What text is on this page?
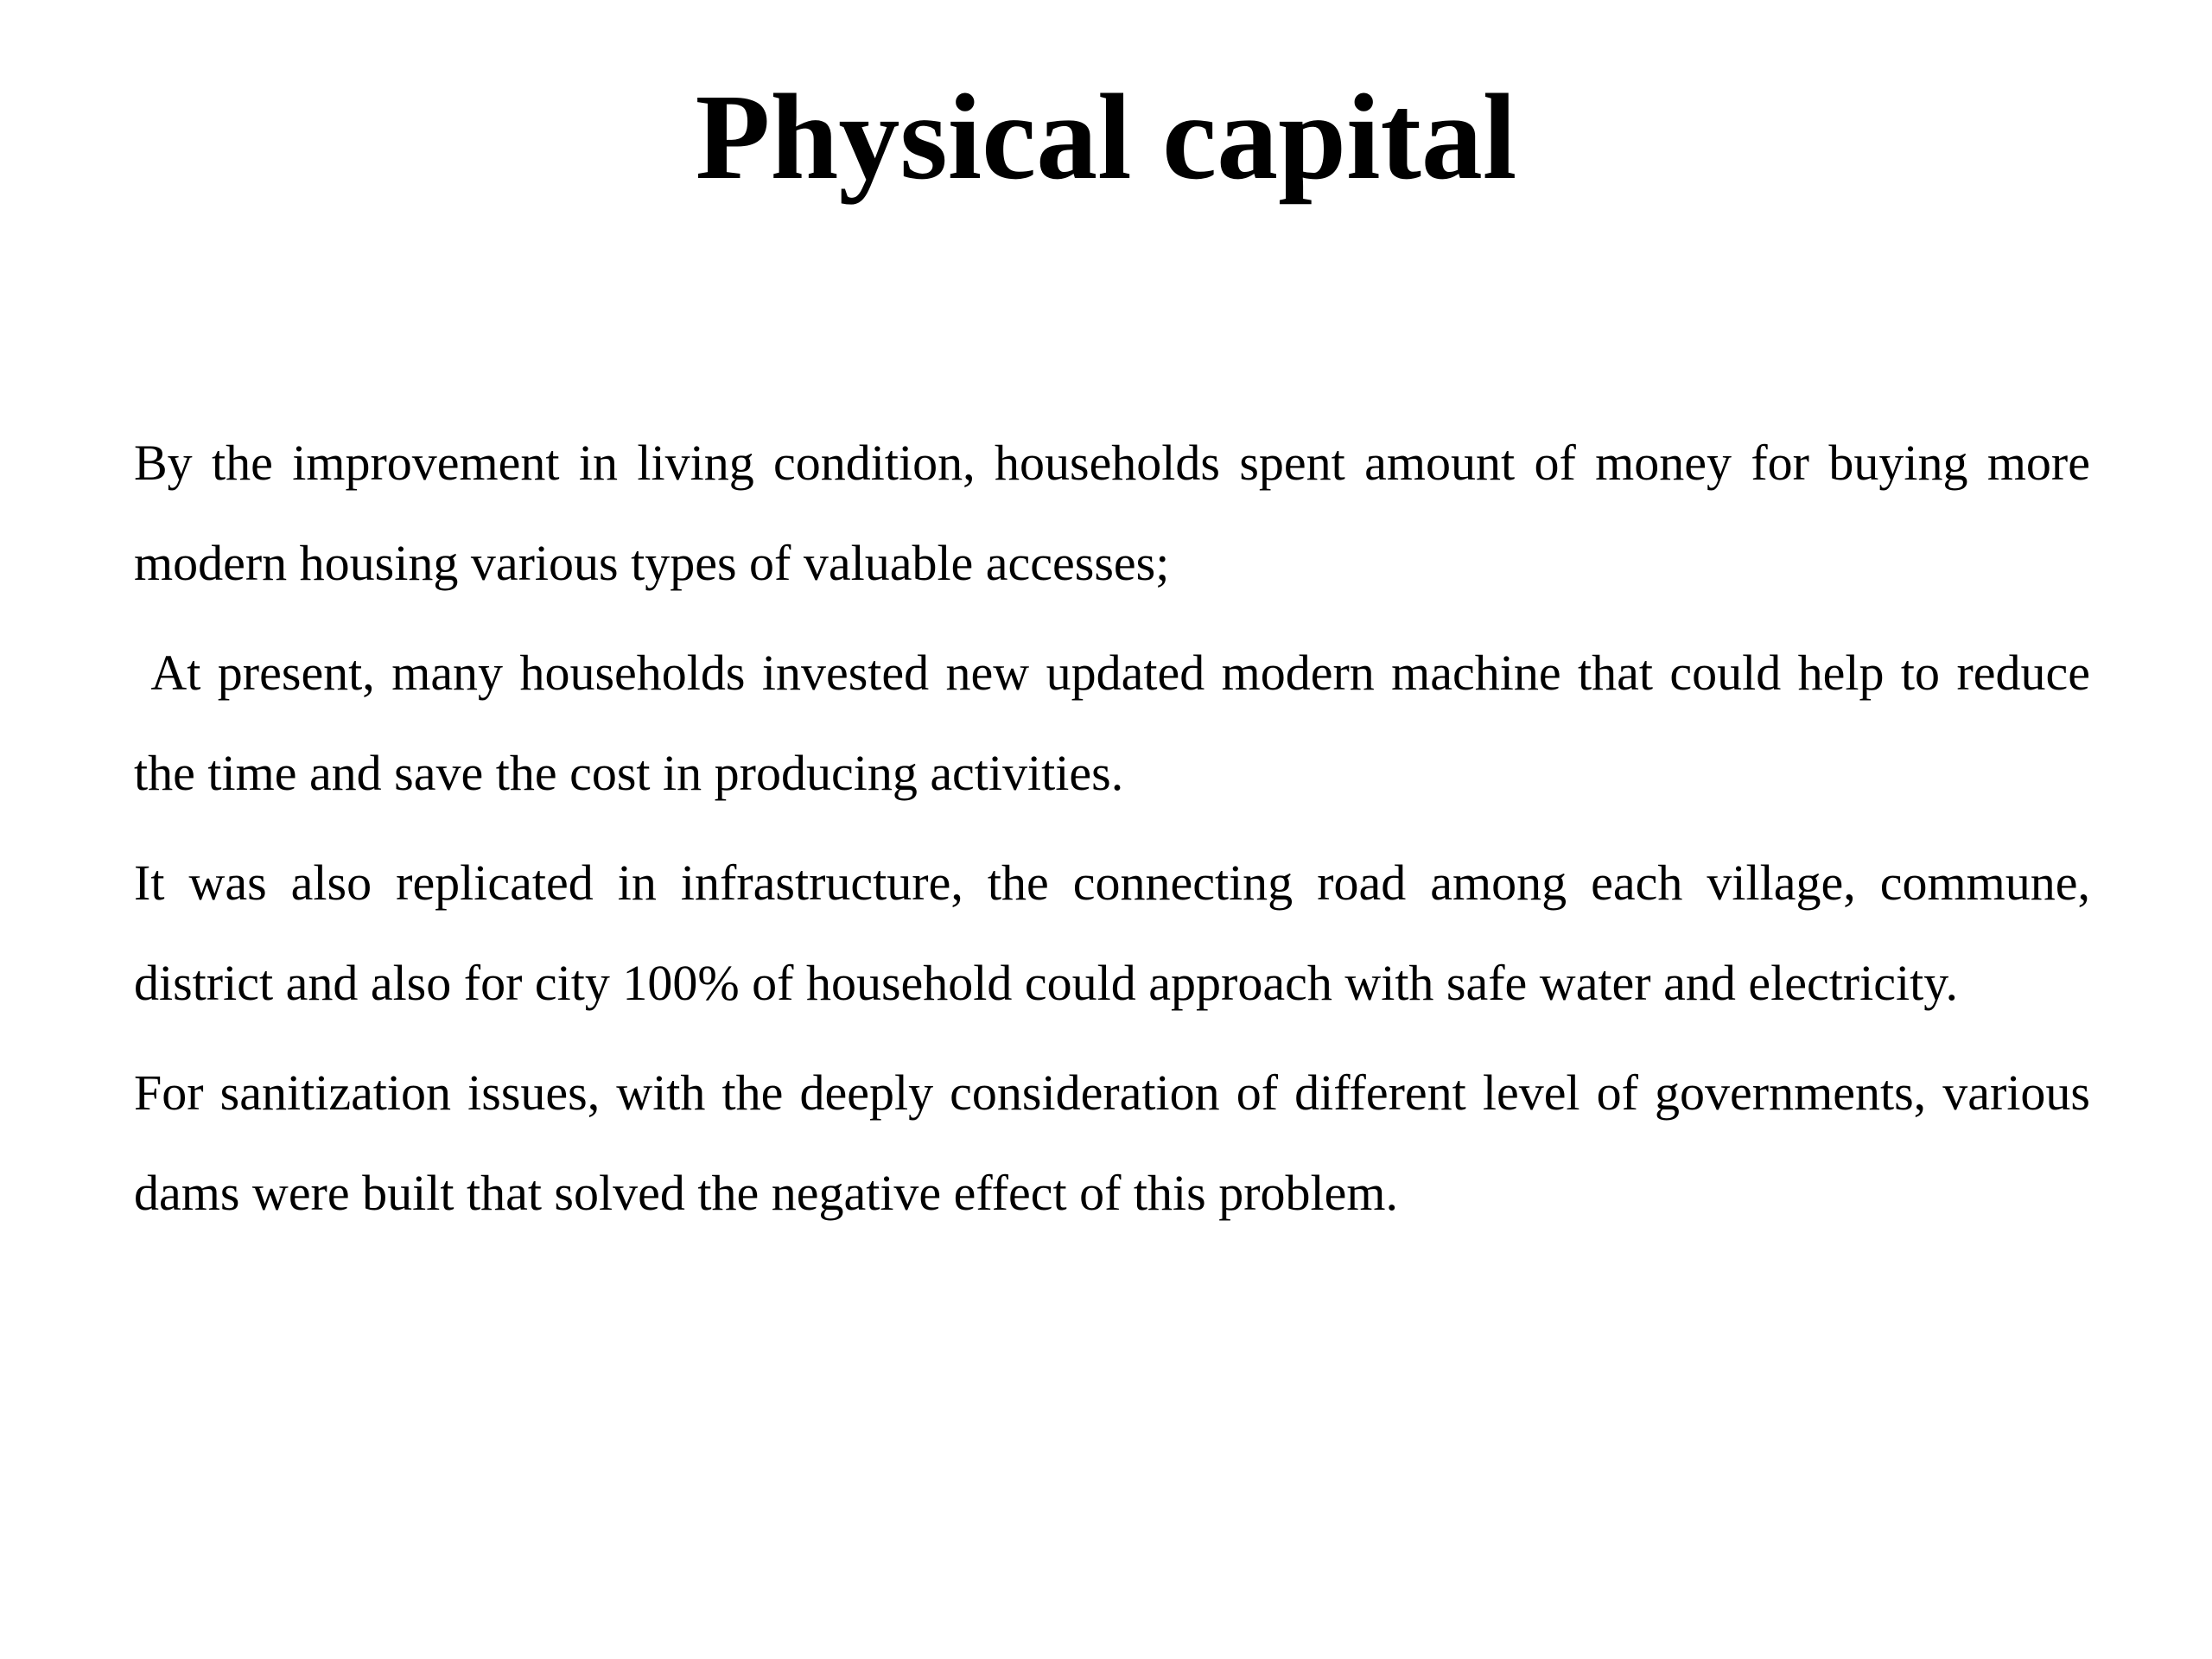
Physical capital

By the improvement in living condition, households spent amount of money for buying more modern housing various types of valuable accesses;

At present, many households invested new updated modern machine that could help to reduce the time and save the cost in producing activities.

It was also replicated in infrastructure, the connecting road among each village, commune, district and also for city 100% of household could approach with safe water and electricity.

For sanitization issues, with the deeply consideration of different level of governments, various dams were built that solved the negative effect of this problem.
